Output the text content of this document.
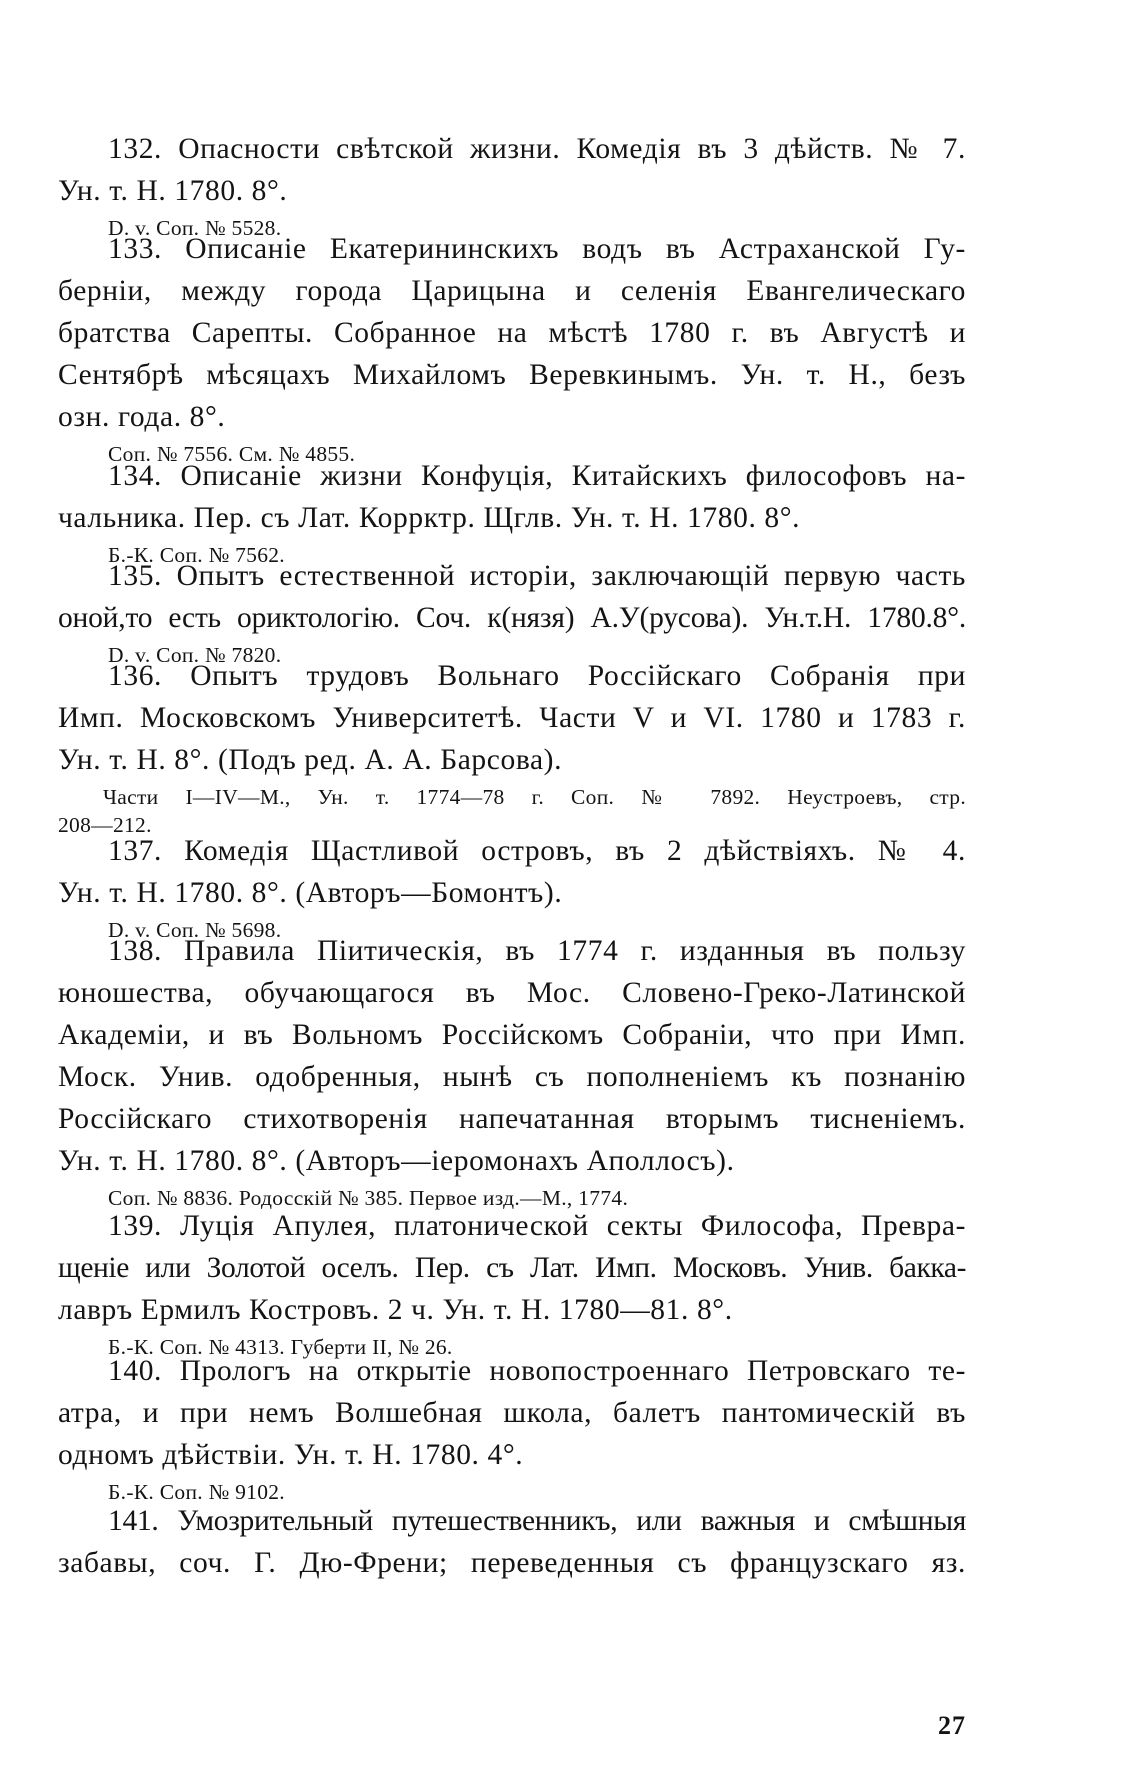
132. Опасности свѣтской жизни. Комедія въ 3 дѣйств. № 7.

Ун. т. Н. 1780. 8°.

D. v. Соп. № 5528.

133. Описаніе Екатерининскихъ водъ въ Астраханской Гу-

берніи, между города Царицына и селенія Евангелическаго

братства Сарепты. Собранное на мѣстѣ 1780 г. въ Августѣ и

Сентябрѣ мѣсяцахъ Михайломъ Веревкинымъ. Ун. т. Н., безъ

озн. года. 8°.

Соп. № 7556. См. № 4855.

134. Описаніе жизни Конфуція, Китайскихъ философовъ на-

чальника. Пер. съ Лат. Коррктр. Щглв. Ун. т. Н. 1780. 8°.

Б.-К. Соп. № 7562.

135. Опытъ естественной исторіи, заключающій первую часть

оной,то есть ориктологію. Соч. к(нязя) А.У(русова). Ун.т.Н. 1780.8°.

D. v. Соп. № 7820.

136. Опытъ трудовъ Вольнаго Россійскаго Собранія при

Имп. Московскомъ Университетѣ. Части V и VI. 1780 и 1783 г.

Ун. т. Н. 8°. (Подъ ред. А. А. Барсова).

Части I—IV—М., Ун. т. 1774—78 г. Соп. № 7892. Неустроевъ, стр.

208—212.

137. Комедія Щастливой островъ, въ 2 дѣйствіяхъ. № 4.

Ун. т. Н. 1780. 8°. (Авторъ—Бомонтъ).

D. v. Соп. № 5698.

138. Правила Піитическія, въ 1774 г. изданныя въ пользу

юношества, обучающагося въ Мос. Словено-Греко-Латинской

Академіи, и въ Вольномъ Россійскомъ Собраніи, что при Имп.

Моск. Унив. одобренныя, нынѣ съ пополненіемъ къ познанію

Россійскаго стихотворенія напечатанная вторымъ тисненіемъ.

Ун. т. Н. 1780. 8°. (Авторъ—іеромонахъ Аполлосъ).

Соп. № 8836. Родосскій № 385. Первое изд.—М., 1774.

139. Луція Апулея, платонической секты Философа, Превра-

щеніе или Золотой оселъ. Пер. съ Лат. Имп. Московъ. Унив. бакка-

лавръ Ермилъ Костровъ. 2 ч. Ун. т. Н. 1780—81. 8°.

Б.-К. Соп. № 4313. Губерти II, № 26.

140. Прологъ на открытіе новопостроеннаго Петровскаго те-

атра, и при немъ Волшебная школа, балетъ пантомическій въ

одномъ дѣйствіи. Ун. т. Н. 1780. 4°.

Б.-К. Соп. № 9102.

141. Умозрительный путешественникъ, или важныя и смѣшныя

забавы, соч. Г. Дю-Френи; переведенныя съ французскаго яз.

27
